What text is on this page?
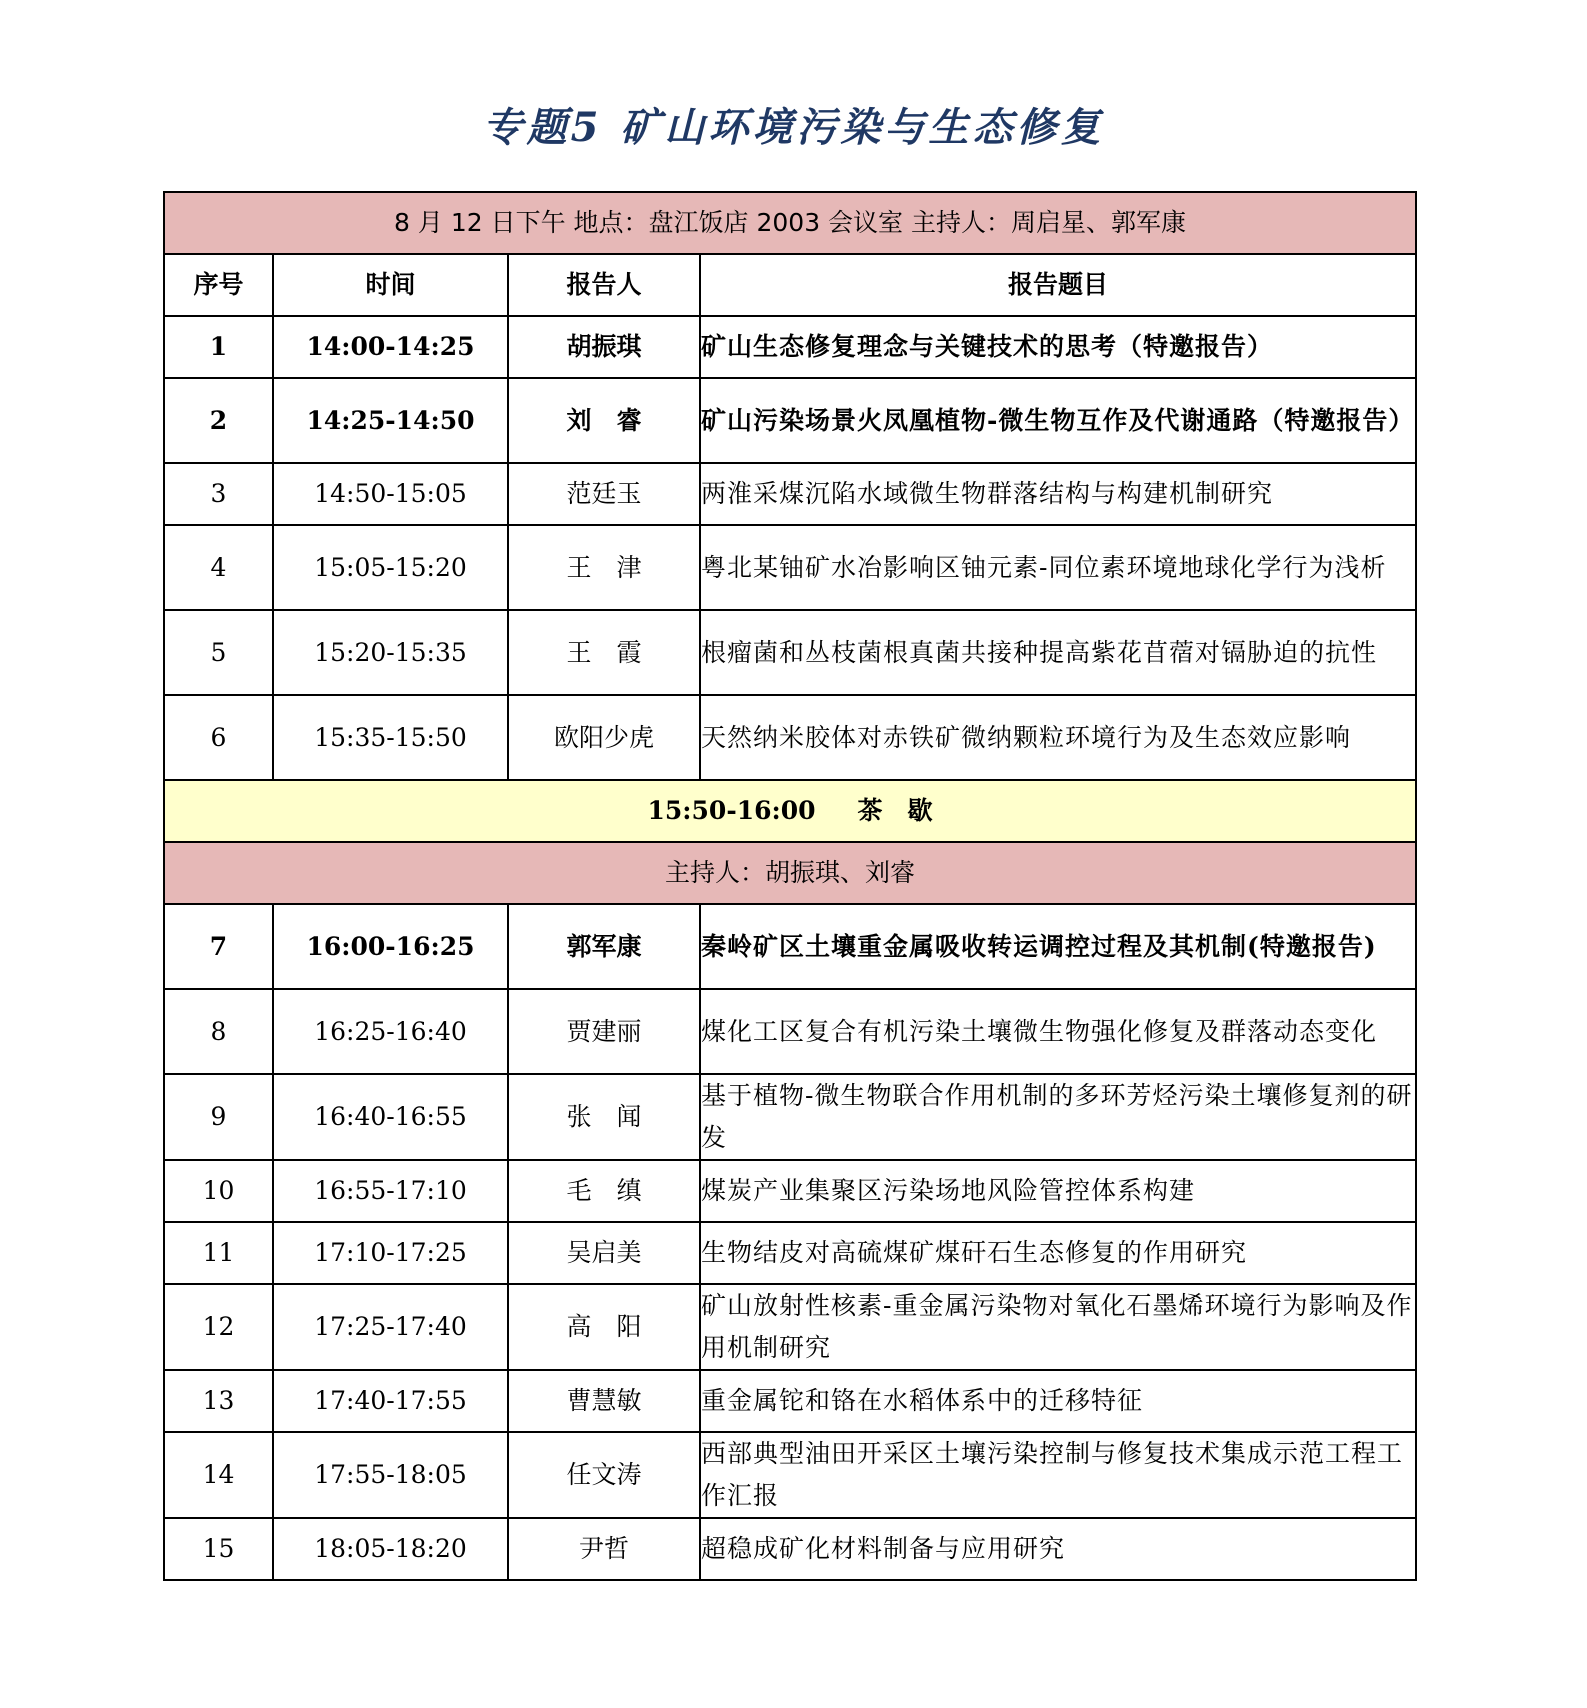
专题5 矿山环境污染与生态修复
8 月 12 日下午 地点：盘江饭店 2003 会议室 主持人：周启星、郭军康			
序号	时间	报告人	报告题目
1	14:00-14:25	胡振琪	矿山生态修复理念与关键技术的思考（特邀报告）
2	14:25-14:50	刘　睿	矿山污染场景火凤凰植物-微生物互作及代谢通路（特邀报告）
3	14:50-15:05	范廷玉	两淮采煤沉陷水域微生物群落结构与构建机制研究
4	15:05-15:20	王　津	粤北某铀矿水冶影响区铀元素-同位素环境地球化学行为浅析
5	15:20-15:35	王　霞	根瘤菌和丛枝菌根真菌共接种提高紫花苜蓿对镉胁迫的抗性
6	15:35-15:50	欧阳少虎	天然纳米胶体对赤铁矿微纳颗粒环境行为及生态效应影响
15:50-16:00 茶　歇			
主持人：胡振琪、刘睿			
7	16:00-16:25	郭军康	秦岭矿区土壤重金属吸收转运调控过程及其机制(特邀报告)
8	16:25-16:40	贾建丽	煤化工区复合有机污染土壤微生物强化修复及群落动态变化
9	16:40-16:55	张　闻	基于植物-微生物联合作用机制的多环芳烃污染土壤修复剂的研发
10	16:55-17:10	毛　缜	煤炭产业集聚区污染场地风险管控体系构建
11	17:10-17:25	吴启美	生物结皮对高硫煤矿煤矸石生态修复的作用研究
12	17:25-17:40	高　阳	矿山放射性核素-重金属污染物对氧化石墨烯环境行为影响及作用机制研究
13	17:40-17:55	曹慧敏	重金属铊和铬在水稻体系中的迁移特征
14	17:55-18:05	任文涛	西部典型油田开采区土壤污染控制与修复技术集成示范工程工作汇报
15	18:05-18:20	尹哲	超稳成矿化材料制备与应用研究
